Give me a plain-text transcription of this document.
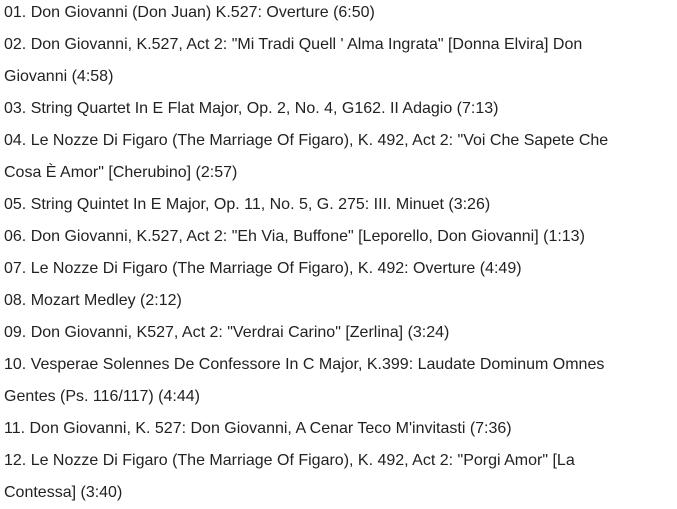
01. Don Giovanni (Don Juan) K.527: Overture (6:50)
02. Don Giovanni, K.527, Act 2: "Mi Tradi Quell ' Alma Ingrata" [Donna Elvira] Don Giovanni (4:58)
03. String Quartet In E Flat Major, Op. 2, No. 4, G162. II Adagio (7:13)
04. Le Nozze Di Figaro (The Marriage Of Figaro), K. 492, Act 2: "Voi Che Sapete Che Cosa È Amor" [Cherubino] (2:57)
05. String Quintet In E Major, Op. 11, No. 5, G. 275: III. Minuet (3:26)
06. Don Giovanni, K.527, Act 2: "Eh Via, Buffone" [Leporello, Don Giovanni] (1:13)
07. Le Nozze Di Figaro (The Marriage Of Figaro), K. 492: Overture (4:49)
08. Mozart Medley (2:12)
09. Don Giovanni, K527, Act 2: "Verdrai Carino" [Zerlina] (3:24)
10. Vesperae Solennes De Confessore In C Major, K.399: Laudate Dominum Omnes Gentes (Ps. 116/117) (4:44)
11. Don Giovanni, K. 527: Don Giovanni, A Cenar Teco M'invitasti (7:36)
12. Le Nozze Di Figaro (The Marriage Of Figaro), K. 492, Act 2: "Porgi Amor" [La Contessa] (3:40)
